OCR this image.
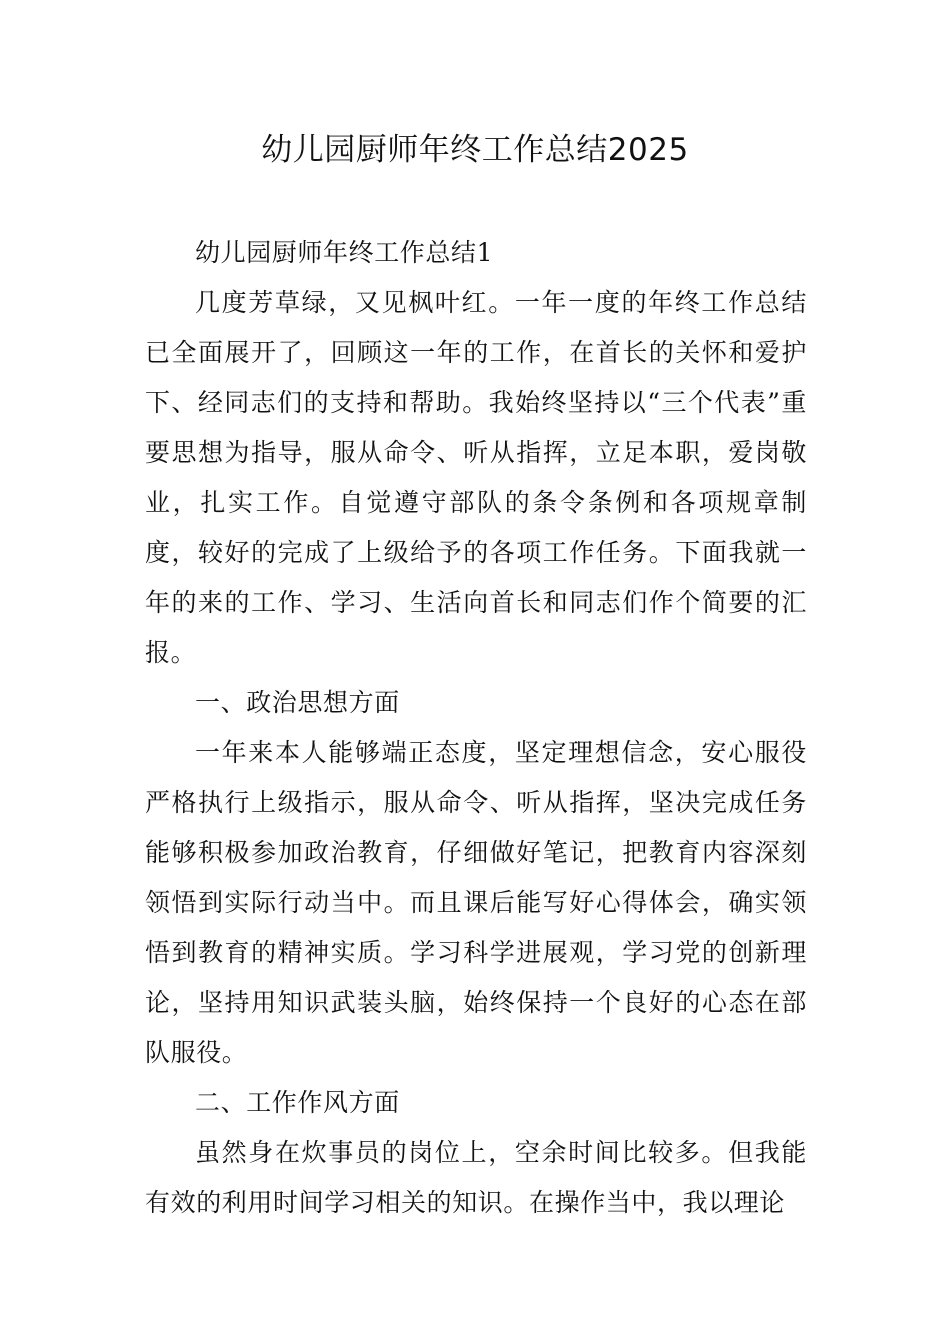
幼儿园厨师年终工作总结2025

幼儿园厨师年终工作总结1

几度芳草绿，又见枫叶红。一年一度的年终工作总结已全面展开了，回顾这一年的工作，在首长的关怀和爱护下、经同志们的支持和帮助。我始终坚持以“三个代表”重要思想为指导，服从命令、听从指挥，立足本职，爱岗敬业，扎实工作。自觉遵守部队的条令条例和各项规章制度，较好的完成了上级给予的各项工作任务。下面我就一年的来的工作、学习、生活向首长和同志们作个简要的汇报。

一、政治思想方面

一年来本人能够端正态度，坚定理想信念，安心服役严格执行上级指示，服从命令、听从指挥，坚决完成任务能够积极参加政治教育，仔细做好笔记，把教育内容深刻领悟到实际行动当中。而且课后能写好心得体会，确实领悟到教育的精神实质。学习科学进展观，学习党的创新理论，坚持用知识武装头脑，始终保持一个良好的心态在部队服役。

二、工作作风方面

虽然身在炊事员的岗位上，空余时间比较多。但我能有效的利用时间学习相关的知识。在操作当中，我以理论
